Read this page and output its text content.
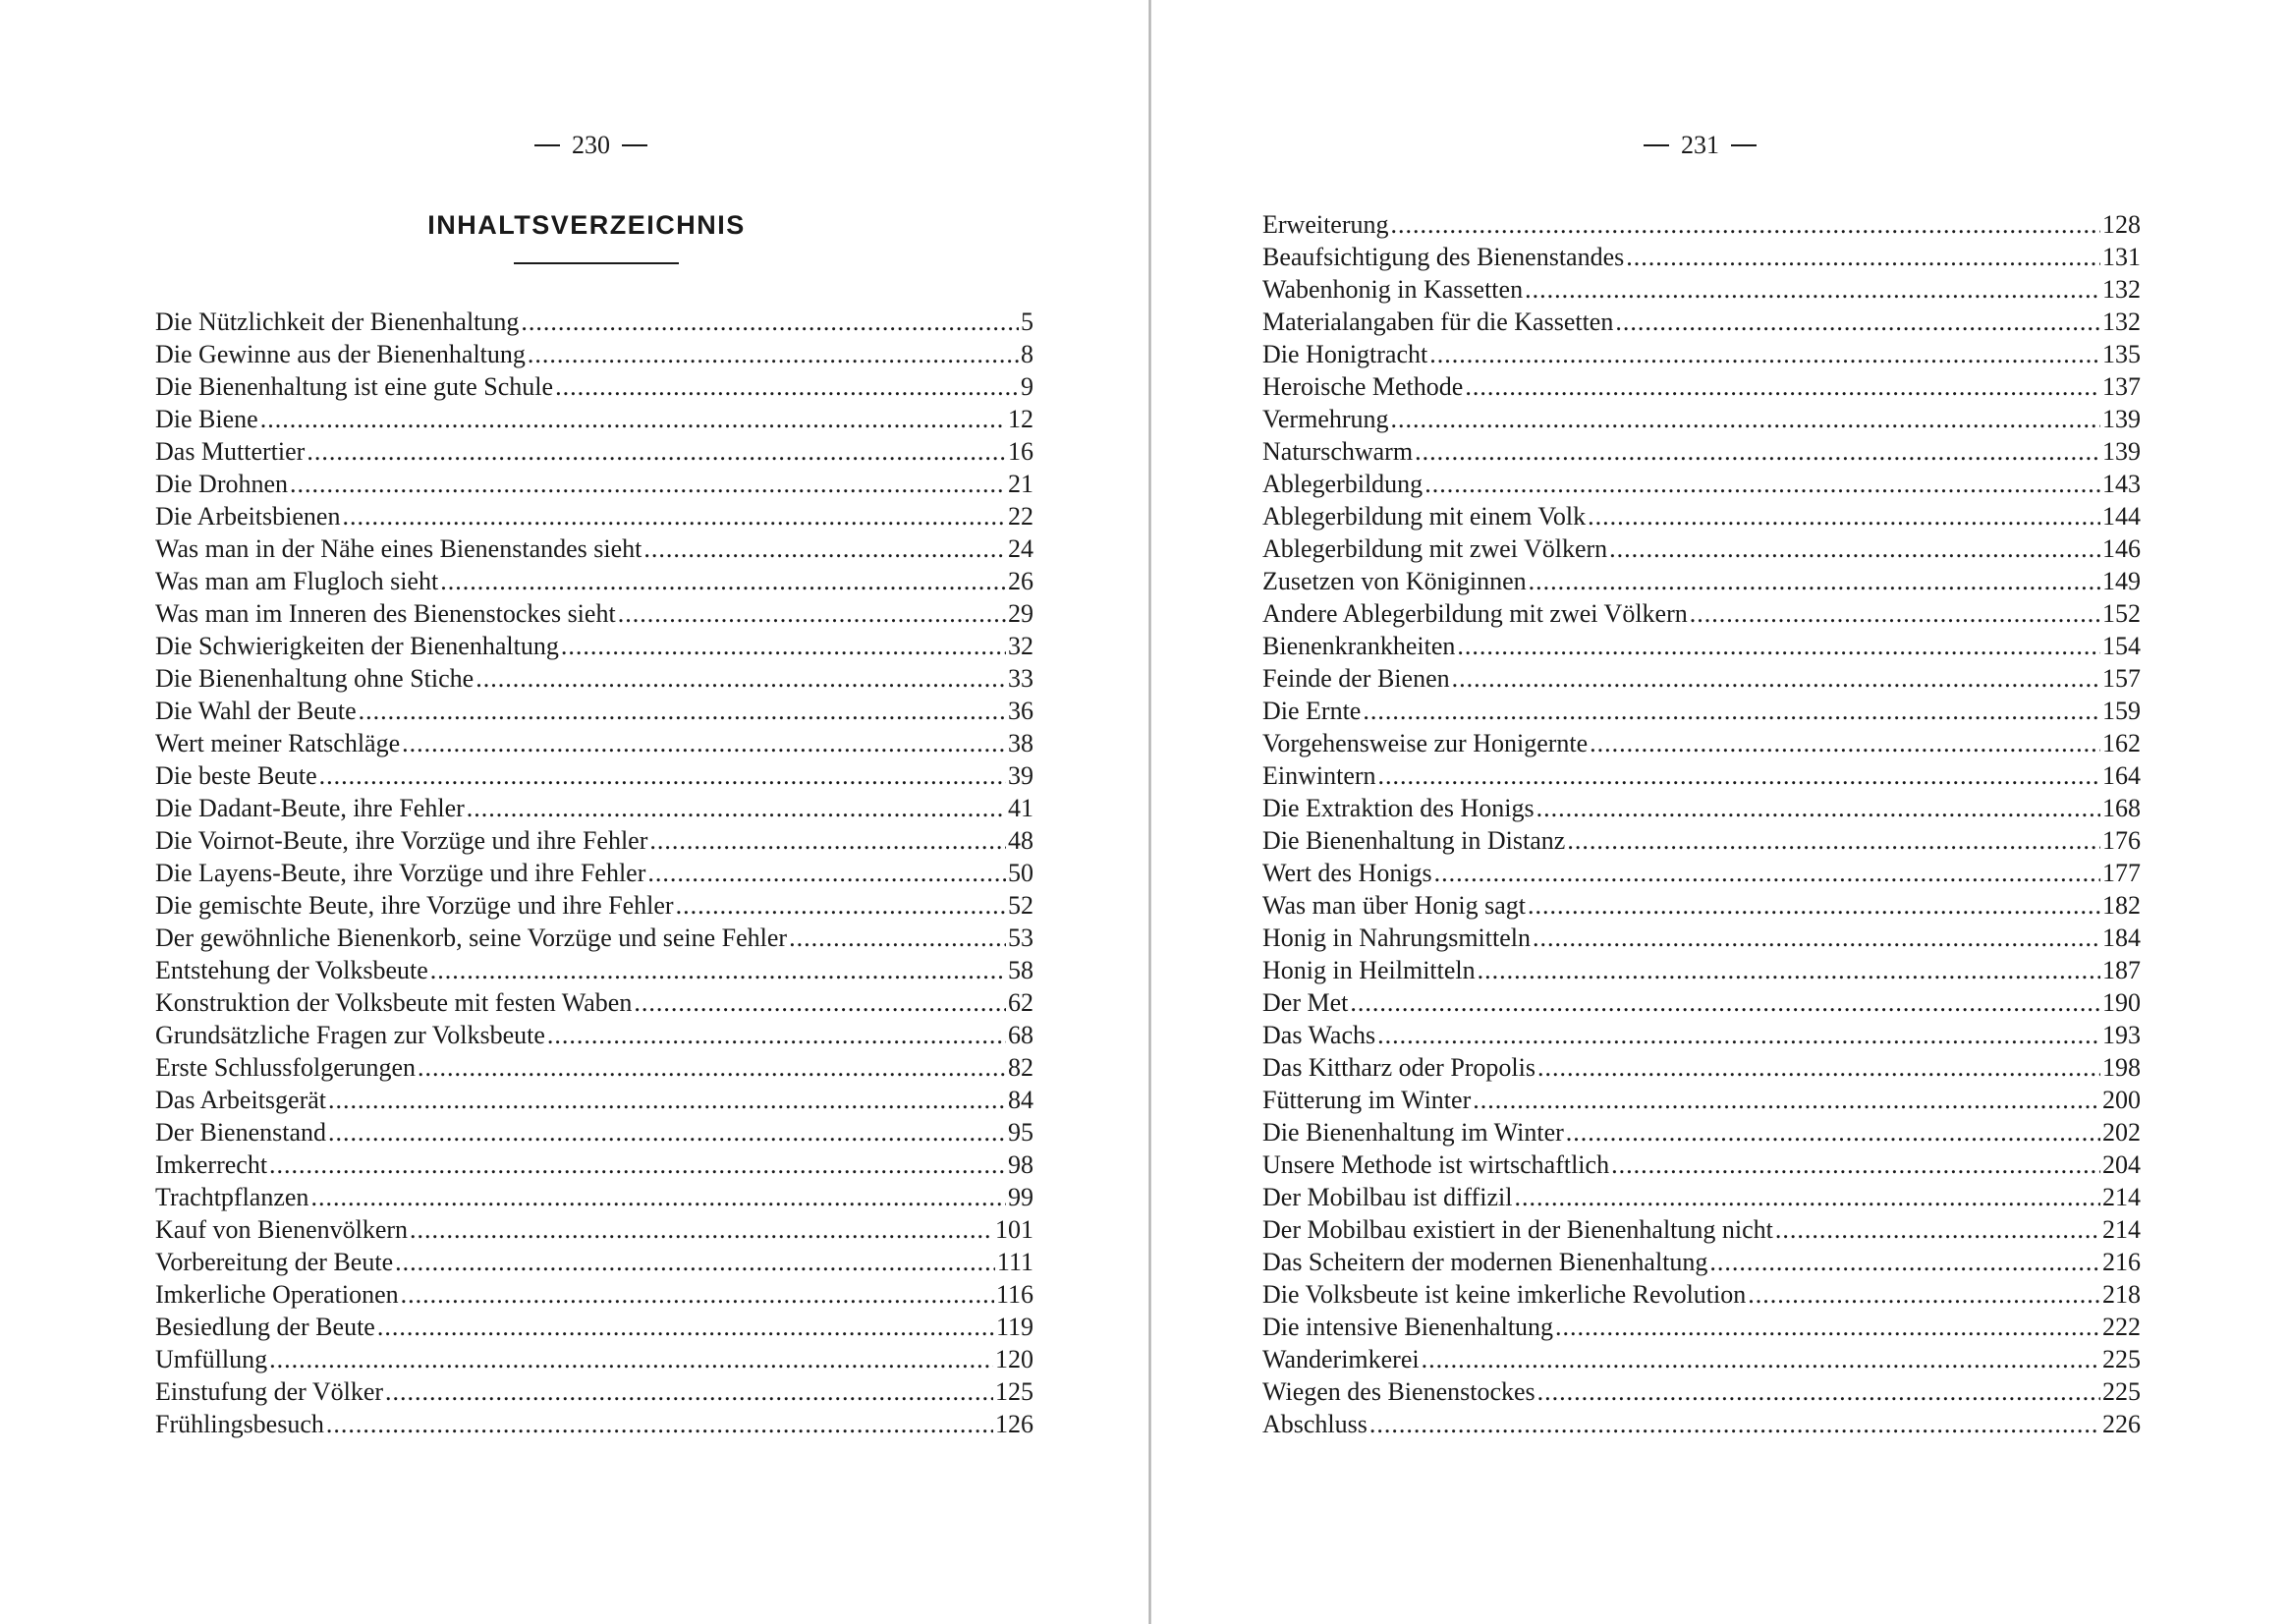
230
INHALTSVERZEICHNIS
Die Nützlichkeit der Bienenhaltung .....	5
Die Gewinne aus der Bienenhaltung .....	8
Die Bienenhaltung ist eine gute Schule .....	9
Die Biene .....	12
Das Muttertier .....	16
Die Drohnen .....	21
Die Arbeitsbienen .....	22
Was man in der Nähe eines Bienenstandes sieht .....	24
Was man am Flugloch sieht .....	26
Was man im Inneren des Bienenstockes sieht .....	29
Die Schwierigkeiten der Bienenhaltung .....	32
Die Bienenhaltung ohne Stiche .....	33
Die Wahl der Beute .....	36
Wert meiner Ratschläge .....	38
Die beste Beute .....	39
Die Dadant-Beute, ihre Fehler .....	41
Die Voirnot-Beute, ihre Vorzüge und ihre Fehler .....	48
Die Layens-Beute, ihre Vorzüge und ihre Fehler .....	50
Die gemischte Beute, ihre Vorzüge und ihre Fehler .....	52
Der gewöhnliche Bienenkorb, seine Vorzüge und seine Fehler .....	53
Entstehung der Volksbeute .....	58
Konstruktion der Volksbeute mit festen Waben .....	62
Grundsätzliche Fragen zur Volksbeute .....	68
Erste Schlussfolgerungen .....	82
Das Arbeitsgerät .....	84
Der Bienenstand .....	95
Imkerrecht .....	98
Trachtpflanzen .....	99
Kauf von Bienenvölkern .....	101
Vorbereitung der Beute .....	111
Imkerliche Operationen .....	116
Besiedlung der Beute .....	119
Umfüllung .....	120
Einstufung der Völker .....	125
Frühlingsbesuch .....	126
231
Erweiterung .....	128
Beaufsichtigung des Bienenstandes .....	131
Wabenhonig in Kassetten .....	132
Materialangaben für die Kassetten .....	132
Die Honigtracht .....	135
Heroische Methode .....	137
Vermehrung .....	139
Naturschwarm .....	139
Ablegerbildung .....	143
Ablegerbildung mit einem Volk .....	144
Ablegerbildung mit zwei Völkern .....	146
Zusetzen von Königinnen .....	149
Andere Ablegerbildung mit zwei Völkern .....	152
Bienenkrankheiten .....	154
Feinde der Bienen .....	157
Die Ernte .....	159
Vorgehensweise zur Honigernte .....	162
Einwintern .....	164
Die Extraktion des Honigs .....	168
Die Bienenhaltung in Distanz .....	176
Wert des Honigs .....	177
Was man über Honig sagt .....	182
Honig in Nahrungsmitteln .....	184
Honig in Heilmitteln .....	187
Der Met .....	190
Das Wachs .....	193
Das Kittharz oder Propolis .....	198
Fütterung im Winter .....	200
Die Bienenhaltung im Winter .....	202
Unsere Methode ist wirtschaftlich .....	204
Der Mobilbau ist diffizil .....	214
Der Mobilbau existiert in der Bienenhaltung nicht .....	214
Das Scheitern der modernen Bienenhaltung .....	216
Die Volksbeute ist keine imkerliche Revolution .....	218
Die intensive Bienenhaltung .....	222
Wanderimkerei .....	225
Wiegen des Bienenstockes .....	225
Abschluss .....	226
